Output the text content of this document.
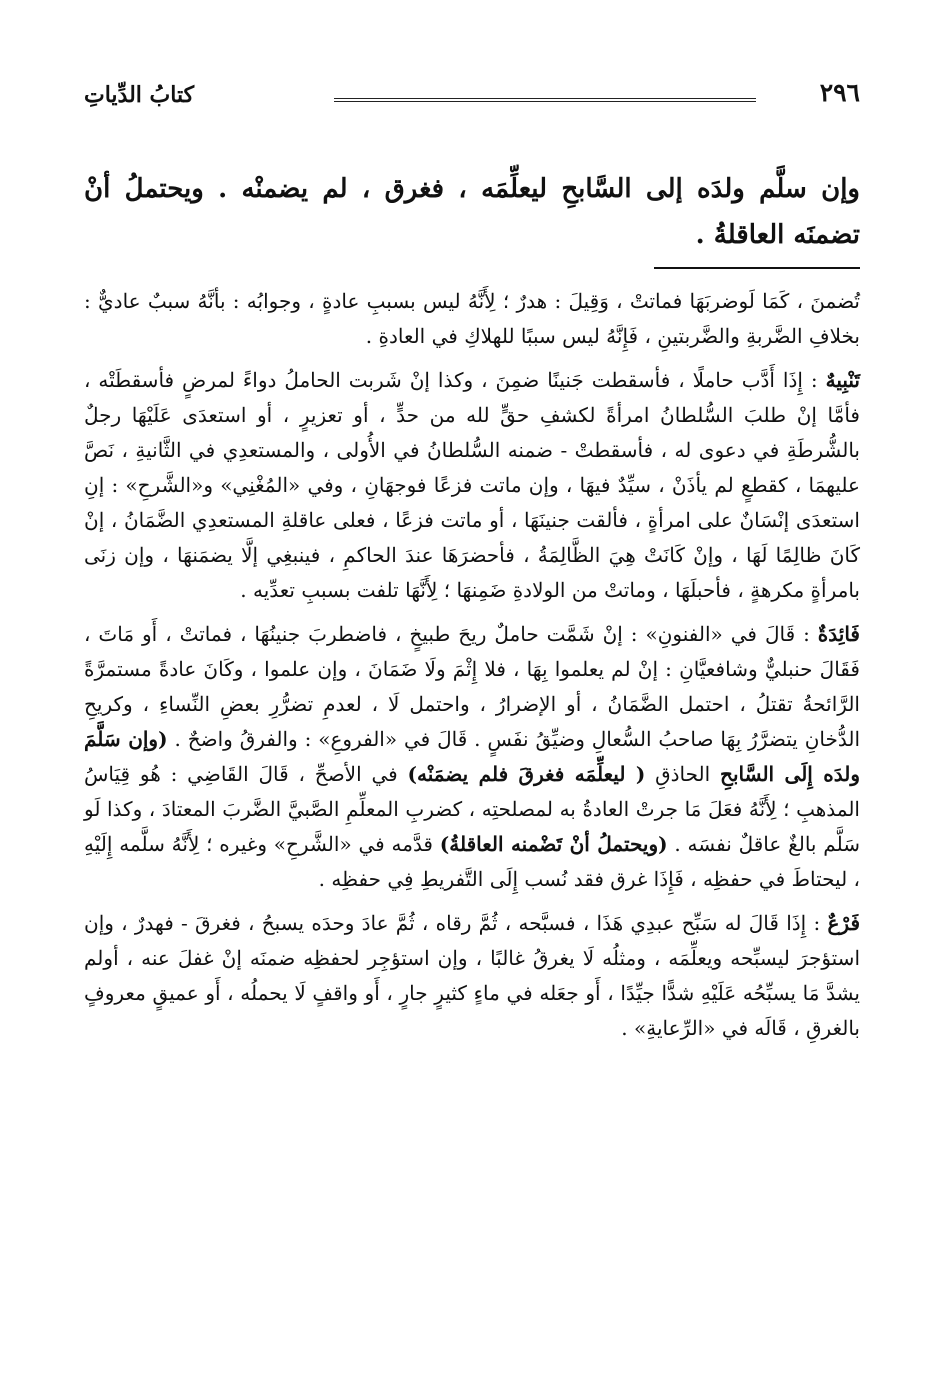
٢٩٦
كتابُ الدِّياتِ
وإن سلَّم ولدَه إلى السَّابحِ ليعلِّمَه ، فغرق ، لم يضمنْه . ويحتملُ أنْ تضمنَه العاقلةُ .

تُضمنَ ، كَمَا لَوضربَهَا فماتتْ ، وَقِيلَ : هدرٌ ؛ لِأَنَّهُ ليس بسببِ عادةٍ ، وجوابُه : بأنَّهُ سببٌ عاديٌّ : بخلافِ الضَّربةِ والضَّربتينِ ، فَإِنَّهُ ليس سببًا للهلاكِ في العادةِ .

تَنْبِيهٌ : إِذَا أَدَّب حاملًا ، فأسقطت جَنينًا ضمِنَ ، وكذا إنْ شَربت الحاملُ دواءً لمرضٍ فأسقطَتْه ، فأمَّا إنْ طلبَ السُّلطانُ امرأةً لكشفِ حقٍّ لله من حدٍّ ، أو تعزيرٍ ، أو استعدَى عَلَيْهَا رجلٌ بالشُّرطَةِ في دعوى له ، فأسقطتْ - ضمنه السُّلطانُ في الأُولى ، والمستعدِي في الثَّانيةِ ، نَصَّ عليهمَا ، كقطعٍ لم يأذَنْ ، سيِّدٌ فيهَا ، وإن ماتت فزعًا فوجهَانِ ، وفي «المُغْنِي» و«الشَّرحِ» : إنِ استعدَى إنْسَانٌ على امرأةٍ ، فألقت جنينَهَا ، أو ماتت فزعًا ، فعلى عاقلةِ المستعدِي الضَّمَانُ ، إنْ كَانَ ظالِمًا لَهَا ، وإنْ كَانَتْ هِيَ الظَّالِمَةُ ، فأحضرَهَا عندَ الحاكمِ ، فينبغِي إلَّا يضمَنهَا ، وإن زنَى بامرأةٍ مكرهةٍ ، فأحبلَهَا ، وماتتْ من الولادةِ ضَمِنهَا ؛ لِأَنَّهَا تلفت بسببِ تعدِّيه .

فَائِدَةٌ : قَالَ في «الفنونِ» : إنْ شَمَّت حاملٌ ريحَ طبيخٍ ، فاضطربَ جنينُهَا ، فماتتْ ، أَو مَاتَ ، فَقَالَ حنبليٌّ وشافعيَّانِ : إنْ لم يعلموا بِهَا ، فلا إِثْمَ ولَا ضَمَانَ ، وإن علموا ، وكَانَ عادةً مستمرَّةً الرَّائحةُ تقتلُ ، احتمل الضَّمَانُ ، أو الإضرارُ ، واحتمل لَا ، لعدمِ تضرُّرِ بعضِ النِّساءِ ، وكريحِ الدُّخانِ يتضرَّرُ بِهَا صاحبُ السُّعالِ وضيِّقُ نفَسٍ . قَالَ في «الفروعِ» : والفرقُ واضحٌ . (وإن سَلَّمَ ولدَه إِلَى السَّابحِ الحاذقِ ( ليعلِّمَه فغرقَ فلم يضمَنْه) في الأصحِّ ، قَالَ القَاضِي : هُو قِيَاسُ المذهبِ ؛ لِأَنَّهُ فعَلَ مَا جرتْ العادةُ به لمصلحتِه ، كضربِ المعلِّمِ الصَّبيَّ الضَّربَ المعتادَ ، وكذا لَو سَلَّم بالغٌ عاقلٌ نفسَه . (ويحتملُ أنْ تَضْمنه العاقلةُ) قدَّمه في «الشَّرحِ» وغيره ؛ لِأَنَّهُ سلَّمه إِلَيْهِ ، ليحتاطَ في حفظِه ، فَإِذَا غرق فقد نُسب إِلَى التَّفريطِ فِي حفظِه .

فَرْعٌ : إِذَا قَالَ له سَبِّح عبدِي هَذَا ، فسبَّحه ، ثُمَّ رقاه ، ثُمَّ عادَ وحدَه يسبحُ ، فغرقَ - فهدرٌ ، وإن استؤجرَ ليسبِّحه ويعلِّمَه ، ومثلُه لَا يغرقُ غالبًا ، وإن استؤجِر لحفظِه ضمنَه إنْ غفلَ عنه ، أولم يشدَّ مَا يسبِّحُه عَلَيْهِ شدًّا جيِّدًا ، أَو جعَله في ماءٍ كثيرٍ جارٍ ، أَو واقفٍ لَا يحملُه ، أَو عميقٍ معروفٍ بالغرقِ ، قَالَه في «الرِّعايةِ» .
